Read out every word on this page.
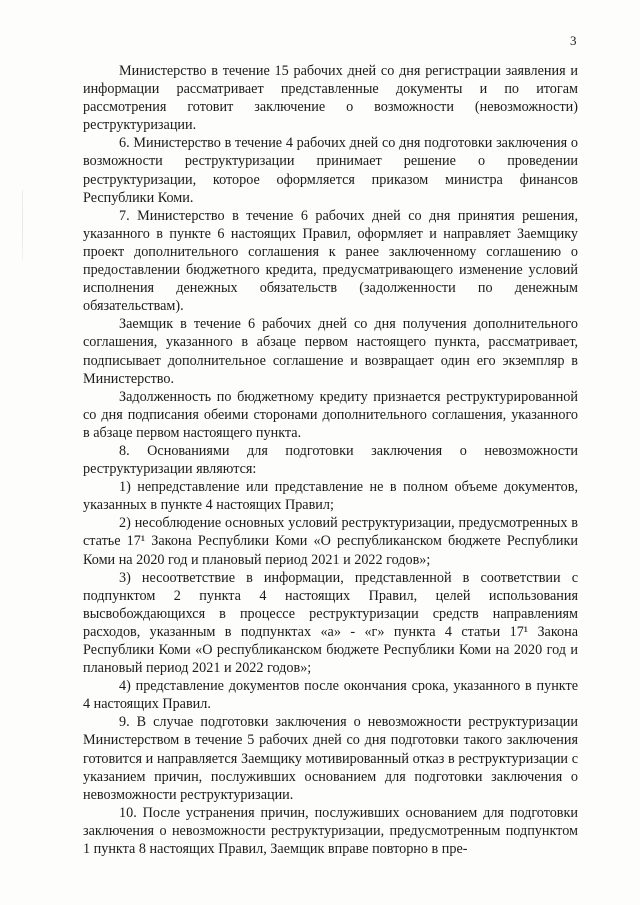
3

Министерство в течение 15 рабочих дней со дня регистрации заявления и информации рассматривает представленные документы и по итогам рассмотрения готовит заключение о возможности (невозможности) реструктуризации.

6. Министерство в течение 4 рабочих дней со дня подготовки заключения о возможности реструктуризации принимает решение о проведении реструктуризации, которое оформляется приказом министра финансов Республики Коми.

7. Министерство в течение 6 рабочих дней со дня принятия решения, указанного в пункте 6 настоящих Правил, оформляет и направляет Заемщику проект дополнительного соглашения к ранее заключенному соглашению о предоставлении бюджетного кредита, предусматривающего изменение условий исполнения денежных обязательств (задолженности по денежным обязательствам).

Заемщик в течение 6 рабочих дней со дня получения дополнительного соглашения, указанного в абзаце первом настоящего пункта, рассматривает, подписывает дополнительное соглашение и возвращает один его экземпляр в Министерство.

Задолженность по бюджетному кредиту признается реструктурированной со дня подписания обеими сторонами дополнительного соглашения, указанного в абзаце первом настоящего пункта.

8. Основаниями для подготовки заключения о невозможности реструктуризации являются:

1) непредставление или представление не в полном объеме документов, указанных в пункте 4 настоящих Правил;

2) несоблюдение основных условий реструктуризации, предусмотренных в статье 17¹ Закона Республики Коми «О республиканском бюджете Республики Коми на 2020 год и плановый период 2021 и 2022 годов»;

3) несоответствие в информации, представленной в соответствии с подпунктом 2 пункта 4 настоящих Правил, целей использования высвобождающихся в процессе реструктуризации средств направлениям расходов, указанным в подпунктах «а» - «г» пункта 4 статьи 17¹ Закона Республики Коми «О республиканском бюджете Республики Коми на 2020 год и плановый период 2021 и 2022 годов»;

4) представление документов после окончания срока, указанного в пункте 4 настоящих Правил.

9. В случае подготовки заключения о невозможности реструктуризации Министерством в течение 5 рабочих дней со дня подготовки такого заключения готовится и направляется Заемщику мотивированный отказ в реструктуризации с указанием причин, послуживших основанием для подготовки заключения о невозможности реструктуризации.

10. После устранения причин, послуживших основанием для подготовки заключения о невозможности реструктуризации, предусмотренным подпунктом 1 пункта 8 настоящих Правил, Заемщик вправе повторно в пре-
